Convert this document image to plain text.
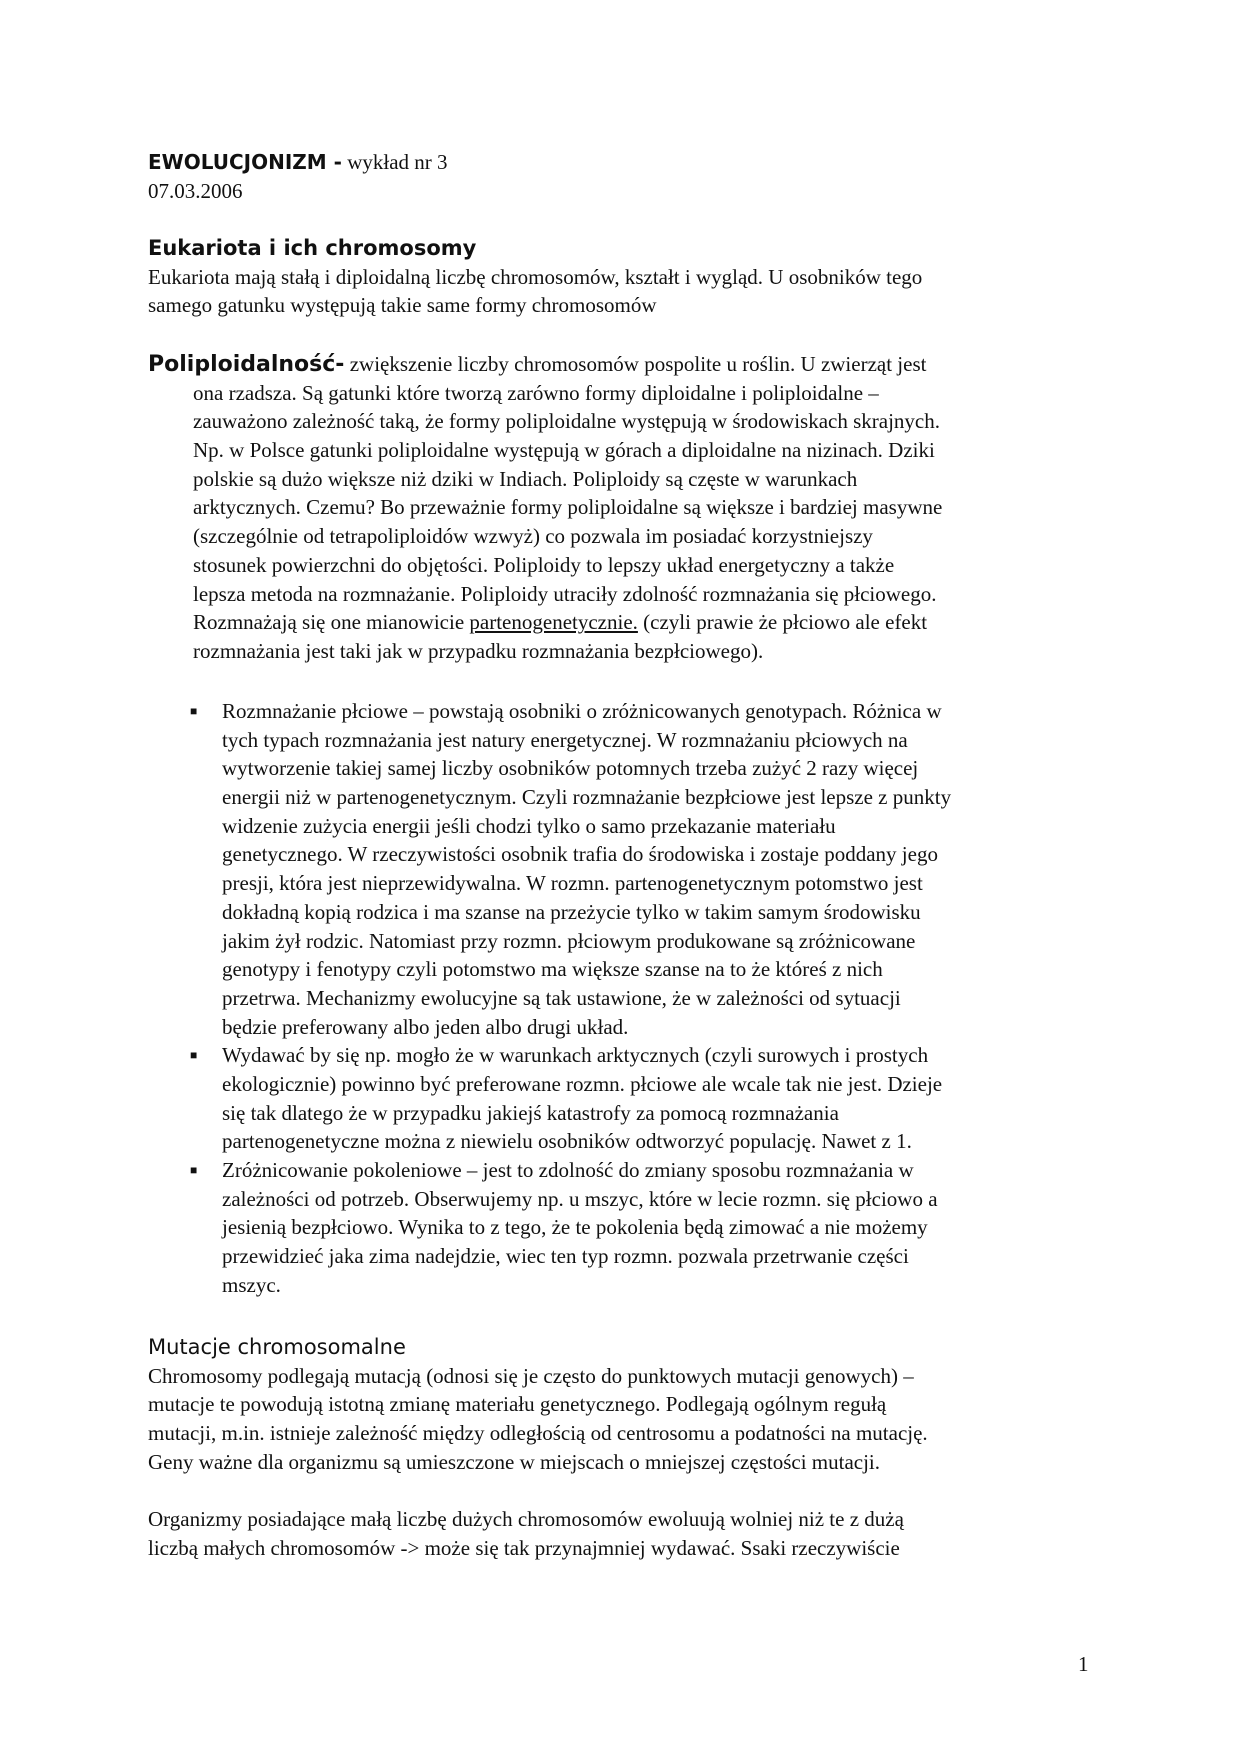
EWOLUCJONIZM - wykład nr 3
07.03.2006
Eukariota i ich chromosomy
Eukariota mają stałą i diploidalną liczbę chromosomów, kształt i wygląd. U osobników tego
samego gatunku występują takie same formy chromosomów
Poliploidalność- zwiększenie liczby chromosomów pospolite u roślin. U zwierząt jest
ona rzadsza. Są gatunki które tworzą zarówno formy diploidalne i poliploidalne –
zauważono zależność taką, że formy poliploidalne występują w środowiskach skrajnych.
Np. w Polsce gatunki poliploidalne występują w górach a diploidalne na nizinach. Dziki
polskie są dużo większe niż dziki w Indiach. Poliploidy są częste w warunkach
arktycznych. Czemu? Bo przeważnie formy poliploidalne są większe i bardziej masywne
(szczególnie od tetrapoliploidów wzwyż) co pozwala im posiadać korzystniejszy
stosunek powierzchni do objętości. Poliploidy to lepszy układ energetyczny a także
lepsza metoda na rozmnażanie. Poliploidy utraciły zdolność rozmnażania się płciowego.
Rozmnażają się one mianowicie partenogenetycznie. (czyli prawie że płciowo ale efekt
rozmnażania jest taki jak w przypadku rozmnażania bezpłciowego).
■ Rozmnażanie płciowe – powstają osobniki o zróżnicowanych genotypach. Różnica w
tych typach rozmnażania jest natury energetycznej. W rozmnażaniu płciowych na
wytworzenie takiej samej liczby osobników potomnych trzeba zużyć 2 razy więcej
energii niż w partenogenetycznym. Czyli rozmnażanie bezpłciowe jest lepsze z punkty
widzenie zużycia energii jeśli chodzi tylko o samo przekazanie materiału
genetycznego. W rzeczywistości osobnik trafia do środowiska i zostaje poddany jego
presji, która jest nieprzewidywalna. W rozmn. partenogenetycznym potomstwo jest
dokładną kopią rodzica i ma szanse na przeżycie tylko w takim samym środowisku
jakim żył rodzic. Natomiast przy rozmn. płciowym produkowane są zróżnicowane
genotypy i fenotypy czyli potomstwo ma większe szanse na to że któreś z nich
przetrwa. Mechanizmy ewolucyjne są tak ustawione, że w zależności od sytuacji
będzie preferowany albo jeden albo drugi układ.
■ Wydawać by się np. mogło że w warunkach arktycznych (czyli surowych i prostych
ekologicznie) powinno być preferowane rozmn. płciowe ale wcale tak nie jest. Dzieje
się tak dlatego że w przypadku jakiejś katastrofy za pomocą rozmnażania
partenogenetyczne można z niewielu osobników odtworzyć populację. Nawet z 1.
■ Zróżnicowanie pokoleniowe – jest to zdolność do zmiany sposobu rozmnażania w
zależności od potrzeb. Obserwujemy np. u mszyc, które w lecie rozmn. się płciowo a
jesienią bezpłciowo. Wynika to z tego, że te pokolenia będą zimować a nie możemy
przewidzieć jaka zima nadejdzie, wiec ten typ rozmn. pozwala przetrwanie części
mszyc.
Mutacje chromosomalne
Chromosomy podlegają mutacją (odnosi się je często do punktowych mutacji genowych) –
mutacje te powodują istotną zmianę materiału genetycznego. Podlegają ogólnym regułą
mutacji, m.in. istnieje zależność między odległością od centrosomu a podatności na mutację.
Geny ważne dla organizmu są umieszczone w miejscach o mniejszej częstości mutacji.
Organizmy posiadające małą liczbę dużych chromosomów ewoluują wolniej niż te z dużą
liczbą małych chromosomów -> może się tak przynajmniej wydawać. Ssaki rzeczywiście
1
